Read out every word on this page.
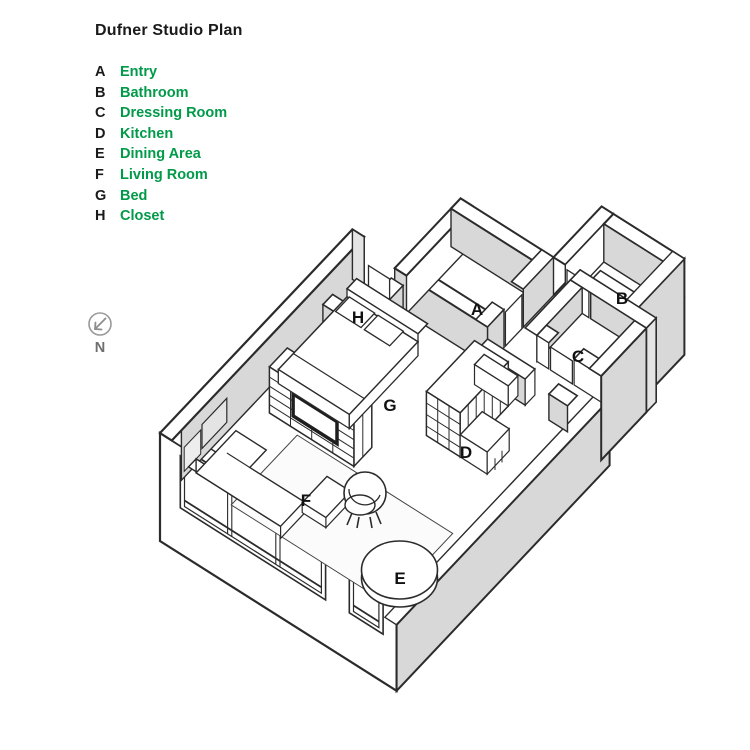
A
B
C
D
E
F
G
H
N
Dufner Studio Plan
A	Entry
B	Bathroom
C	Dressing Room
D	Kitchen
E	Dining Area
F	Living Room
G Bed
H	Closet
